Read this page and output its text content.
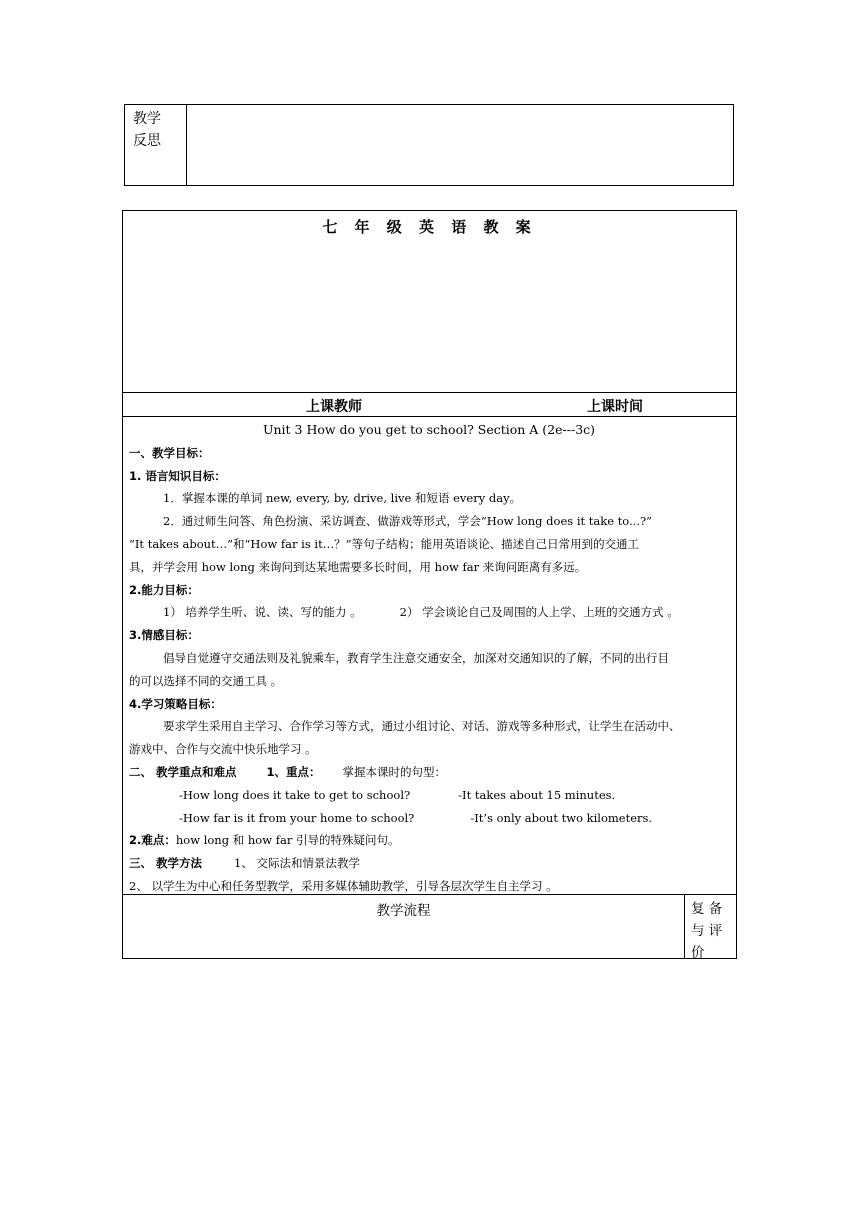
教学
反思
七 年 级 英 语 教 案
上课教师	上课时间

Unit 3 How do you get to school? Section A (2e---3c)

一、教学目标：

1. 语言知识目标：

1．掌握本课的单词 new, every, by, drive, live 和短语 every day。

2．通过师生问答、角色扮演、采访调查、做游戏等形式，学会“How long does it take to...?”

“It takes about…”和“How far is it…？”等句子结构；能用英语谈论、描述自己日常用到的交通工

具，并学会用 how long 来询问到达某地需要多长时间，用 how far 来询问距离有多远。

2.能力目标：

1） 培养学生听、说、读、写的能力 。	2） 学会谈论自己及周围的人上学、上班的交通方式 。

3.情感目标：

倡导自觉遵守交通法则及礼貌乘车，教育学生注意交通安全，加深对交通知识的了解，不同的出行目

的可以选择不同的交通工具 。

4.学习策略目标：

要求学生采用自主学习、合作学习等方式，通过小组讨论、对话、游戏等多种形式，让学生在活动中、

游戏中、合作与交流中快乐地学习 。

二、 教学重点和难点	1、重点： 掌握本课时的句型：

-How long does it take to get to school?	-It takes about 15 minutes.

-How far is it from your home to school?	-It’s only about two kilometers.

2.难点：how long 和 how far 引导的特殊疑问句。

三、 教学方法	1、 交际法和情景法教学

2、 以学生为中心和任务型教学，采用多媒体辅助教学，引导各层次学生自主学习 。

教学流程	复 备
与 评
价
